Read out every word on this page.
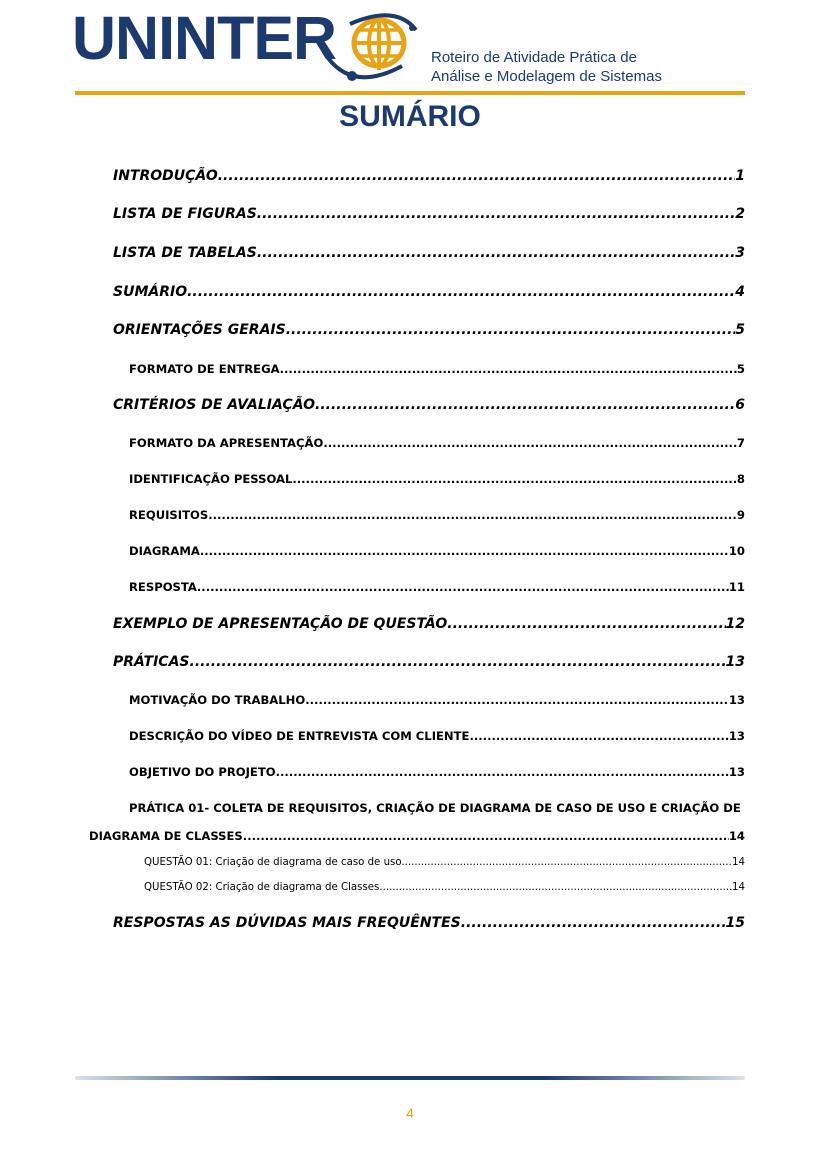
UNINTER	Roteiro de Atividade Prática de
Análise e Modelagem de Sistemas
SUMÁRIO
INTRODUÇÃO .....	1
LISTA DE FIGURAS .....	2
LISTA DE TABELAS .....	3
SUMÁRIO .....	4
ORIENTAÇÕES GERAIS .....	5
FORMATO DE ENTREGA .....	5
CRITÉRIOS DE AVALIAÇÃO .....	6
FORMATO DA APRESENTAÇÃO .....	7
IDENTIFICAÇÃO PESSOAL .....	8
REQUISITOS .....	9
DIAGRAMA .....	10
RESPOSTA .....	11
EXEMPLO DE APRESENTAÇÃO DE QUESTÃO .....	12
PRÁTICAS .....	13
MOTIVAÇÃO DO TRABALHO .....	13
DESCRIÇÃO DO VÍDEO DE ENTREVISTA COM CLIENTE .....	13
OBJETIVO DO PROJETO .....	13
PRÁTICA 01- COLETA DE REQUISITOS, CRIAÇÃO DE DIAGRAMA DE CASO DE USO E CRIAÇÃO DE
DIAGRAMA DE CLASSES. .....	14
QUESTÃO 01: Criação de diagrama de caso de uso. .....	14
QUESTÃO 02: Criação de diagrama de Classes. .....	14
RESPOSTAS AS DÚVIDAS MAIS FREQUÊNTES .....	15
4
